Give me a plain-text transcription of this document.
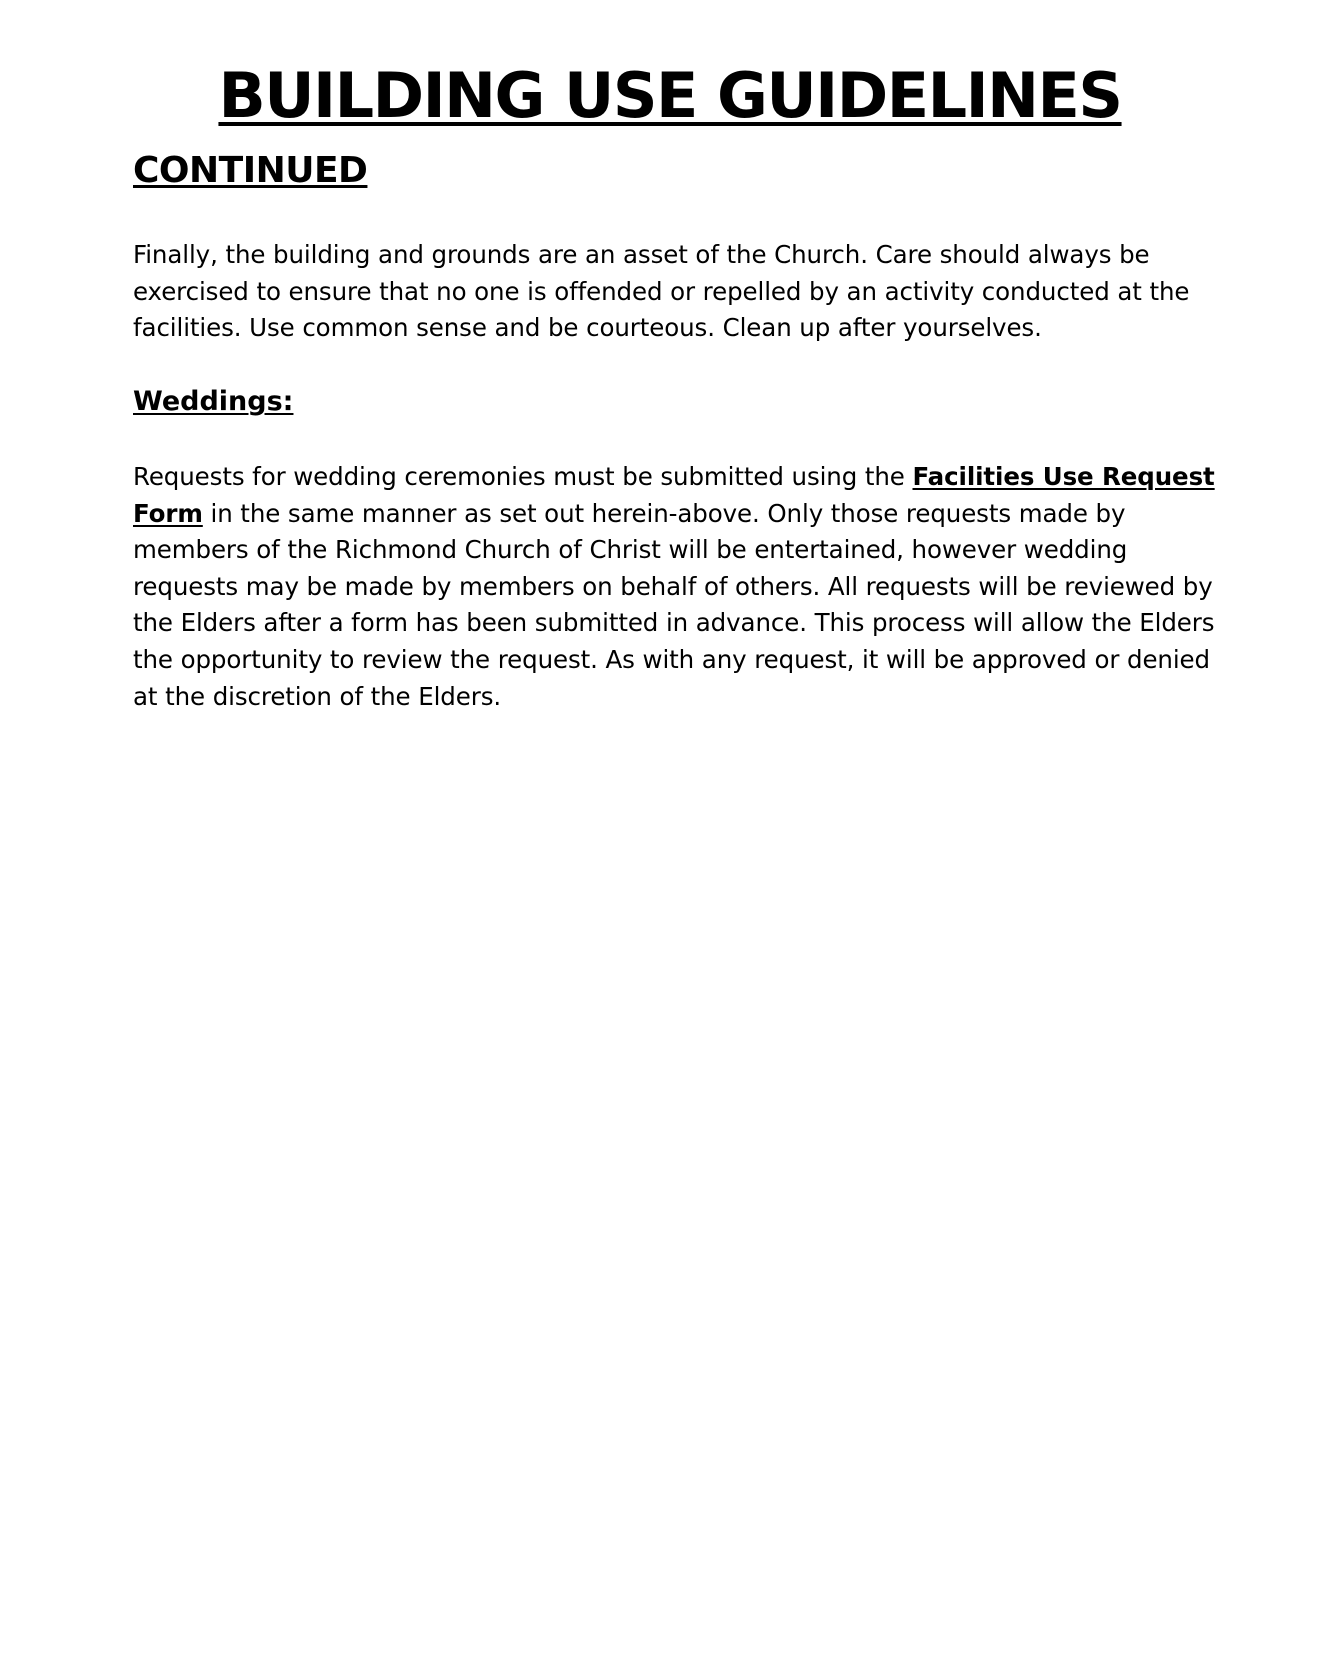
BUILDING USE GUIDELINES
CONTINUED

Finally, the building and grounds are an asset of the Church. Care should always be exercised to ensure that no one is offended or repelled by an activity conducted at the facilities. Use common sense and be courteous. Clean up after yourselves.

Weddings:

Requests for wedding ceremonies must be submitted using the Facilities Use Request Form in the same manner as set out herein-above. Only those requests made by members of the Richmond Church of Christ will be entertained, however wedding requests may be made by members on behalf of others. All requests will be reviewed by the Elders after a form has been submitted in advance. This process will allow the Elders the opportunity to review the request. As with any request, it will be approved or denied at the discretion of the Elders.
